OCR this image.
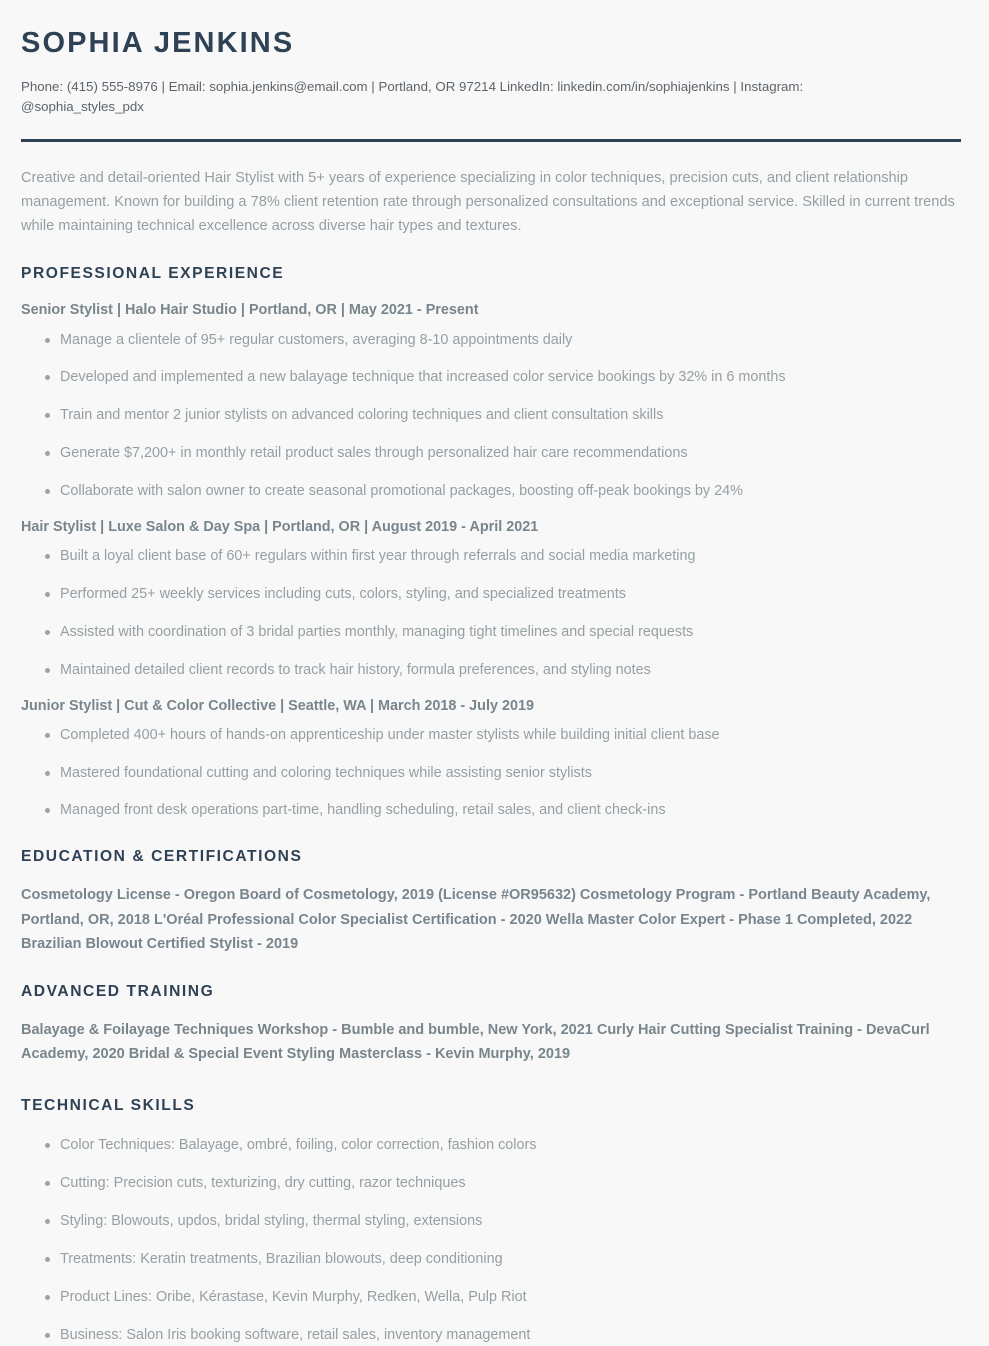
SOPHIA JENKINS
Phone: (415) 555-8976 | Email: sophia.jenkins@email.com | Portland, OR 97214 LinkedIn: linkedin.com/in/sophiajenkins | Instagram: @sophia_styles_pdx

Creative and detail-oriented Hair Stylist with 5+ years of experience specializing in color techniques, precision cuts, and client relationship management. Known for building a 78% client retention rate through personalized consultations and exceptional service. Skilled in current trends while maintaining technical excellence across diverse hair types and textures.

PROFESSIONAL EXPERIENCE
Senior Stylist | Halo Hair Studio | Portland, OR | May 2021 - Present
Manage a clientele of 95+ regular customers, averaging 8-10 appointments daily
Developed and implemented a new balayage technique that increased color service bookings by 32% in 6 months
Train and mentor 2 junior stylists on advanced coloring techniques and client consultation skills
Generate $7,200+ in monthly retail product sales through personalized hair care recommendations
Collaborate with salon owner to create seasonal promotional packages, boosting off-peak bookings by 24%
Hair Stylist | Luxe Salon & Day Spa | Portland, OR | August 2019 - April 2021
Built a loyal client base of 60+ regulars within first year through referrals and social media marketing
Performed 25+ weekly services including cuts, colors, styling, and specialized treatments
Assisted with coordination of 3 bridal parties monthly, managing tight timelines and special requests
Maintained detailed client records to track hair history, formula preferences, and styling notes
Junior Stylist | Cut & Color Collective | Seattle, WA | March 2018 - July 2019
Completed 400+ hours of hands-on apprenticeship under master stylists while building initial client base
Mastered foundational cutting and coloring techniques while assisting senior stylists
Managed front desk operations part-time, handling scheduling, retail sales, and client check-ins
EDUCATION & CERTIFICATIONS

Cosmetology License - Oregon Board of Cosmetology, 2019 (License #OR95632) Cosmetology Program - Portland Beauty Academy, Portland, OR, 2018 L'Oréal Professional Color Specialist Certification - 2020 Wella Master Color Expert - Phase 1 Completed, 2022 Brazilian Blowout Certified Stylist - 2019

ADVANCED TRAINING

Balayage & Foilayage Techniques Workshop - Bumble and bumble, New York, 2021 Curly Hair Cutting Specialist Training - DevaCurl Academy, 2020 Bridal & Special Event Styling Masterclass - Kevin Murphy, 2019

TECHNICAL SKILLS
Color Techniques: Balayage, ombré, foiling, color correction, fashion colors
Cutting: Precision cuts, texturizing, dry cutting, razor techniques
Styling: Blowouts, updos, bridal styling, thermal styling, extensions
Treatments: Keratin treatments, Brazilian blowouts, deep conditioning
Product Lines: Oribe, Kérastase, Kevin Murphy, Redken, Wella, Pulp Riot
Business: Salon Iris booking software, retail sales, inventory management
